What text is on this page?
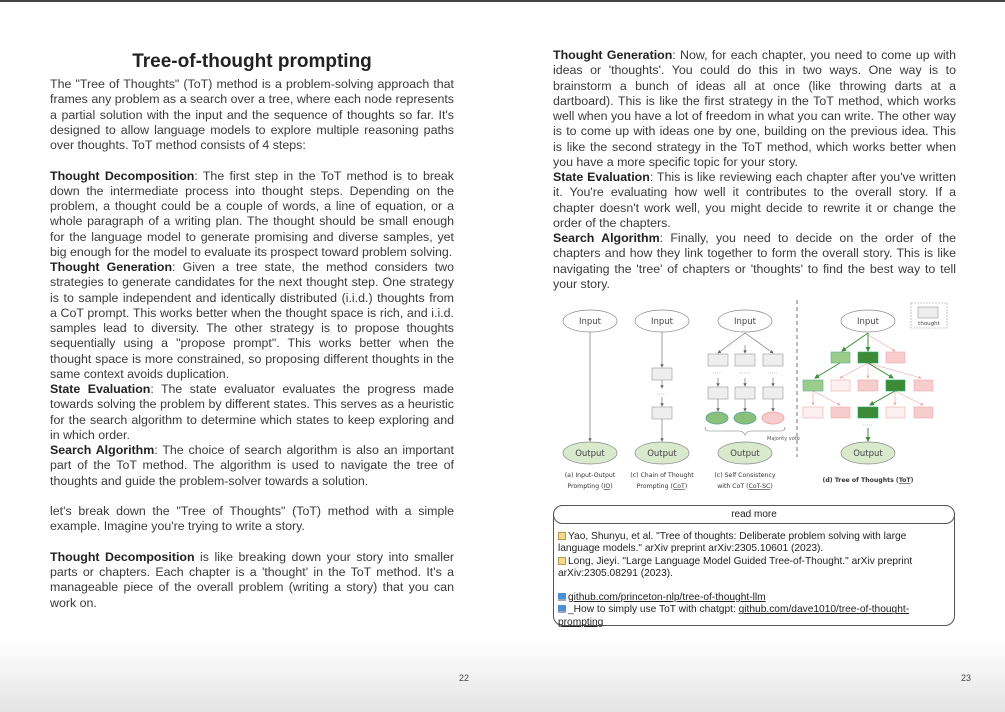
Tree-of-thought prompting

The "Tree of Thoughts" (ToT) method is a problem-solving approach that frames any problem as a search over a tree, where each node represents a partial solution with the input and the sequence of thoughts so far. It's designed to allow language models to explore multiple reasoning paths over thoughts. ToT method consists of 4 steps:

Thought Decomposition: The first step in the ToT method is to break down the intermediate process into thought steps. Depending on the problem, a thought could be a couple of words, a line of equation, or a whole paragraph of a writing plan. The thought should be small enough for the language model to generate promising and diverse samples, yet big enough for the model to evaluate its prospect toward problem solving.

Thought Generation: Given a tree state, the method considers two strategies to generate candidates for the next thought step. One strategy is to sample independent and identically distributed (i.i.d.) thoughts from a CoT prompt. This works better when the thought space is rich, and i.i.d. samples lead to diversity. The other strategy is to propose thoughts sequentially using a "propose prompt". This works better when the thought space is more constrained, so proposing different thoughts in the same context avoids duplication.

State Evaluation: The state evaluator evaluates the progress made towards solving the problem by different states. This serves as a heuristic for the search algorithm to determine which states to keep exploring and in which order.

Search Algorithm: The choice of search algorithm is also an important part of the ToT method. The algorithm is used to navigate the tree of thoughts and guide the problem-solver towards a solution.

let's break down the "Tree of Thoughts" (ToT) method with a simple example. Imagine you're trying to write a story.

Thought Decomposition is like breaking down your story into smaller parts or chapters. Each chapter is a 'thought' in the ToT method. It's a manageable piece of the overall problem (writing a story) that you can work on.

Thought Generation: Now, for each chapter, you need to come up with ideas or 'thoughts'. You could do this in two ways. One way is to brainstorm a bunch of ideas all at once (like throwing darts at a dartboard). This is like the first strategy in the ToT method, which works well when you have a lot of freedom in what you can write. The other way is to come up with ideas one by one, building on the previous idea. This is like the second strategy in the ToT method, which works better when you have a more specific topic for your story.

State Evaluation: This is like reviewing each chapter after you've written it. You're evaluating how well it contributes to the overall story. If a chapter doesn't work well, you might decide to rewrite it or change the order of the chapters.

Search Algorithm: Finally, you need to decide on the order of the chapters and how they link together to form the overall story. This is like navigating the 'tree' of chapters or 'thoughts' to find the best way to tell your story.

Input	Input	Input	Input
Output	Output	Output	Output
thought
Majority vote
(a) Input-Output
Prompting (IO)
(c) Chain of Thought
Prompting (CoT)
(c) Self Consistency
with CoT (CoT-SC)
(d) Tree of Thoughts (ToT)
read more
Yao, Shunyu, et al. "Tree of thoughts: Deliberate problem solving with large language models." arXiv preprint arXiv:2305.10601 (2023).
Long, Jieyi. "Large Language Model Guided Tree-of-Thought." arXiv preprint arXiv:2305.08291 (2023).
github.com/princeton-nlp/tree-of-thought-llm
_How to simply use ToT with chatgpt: github.com/dave1010/tree-of-thought-prompting
22	23
